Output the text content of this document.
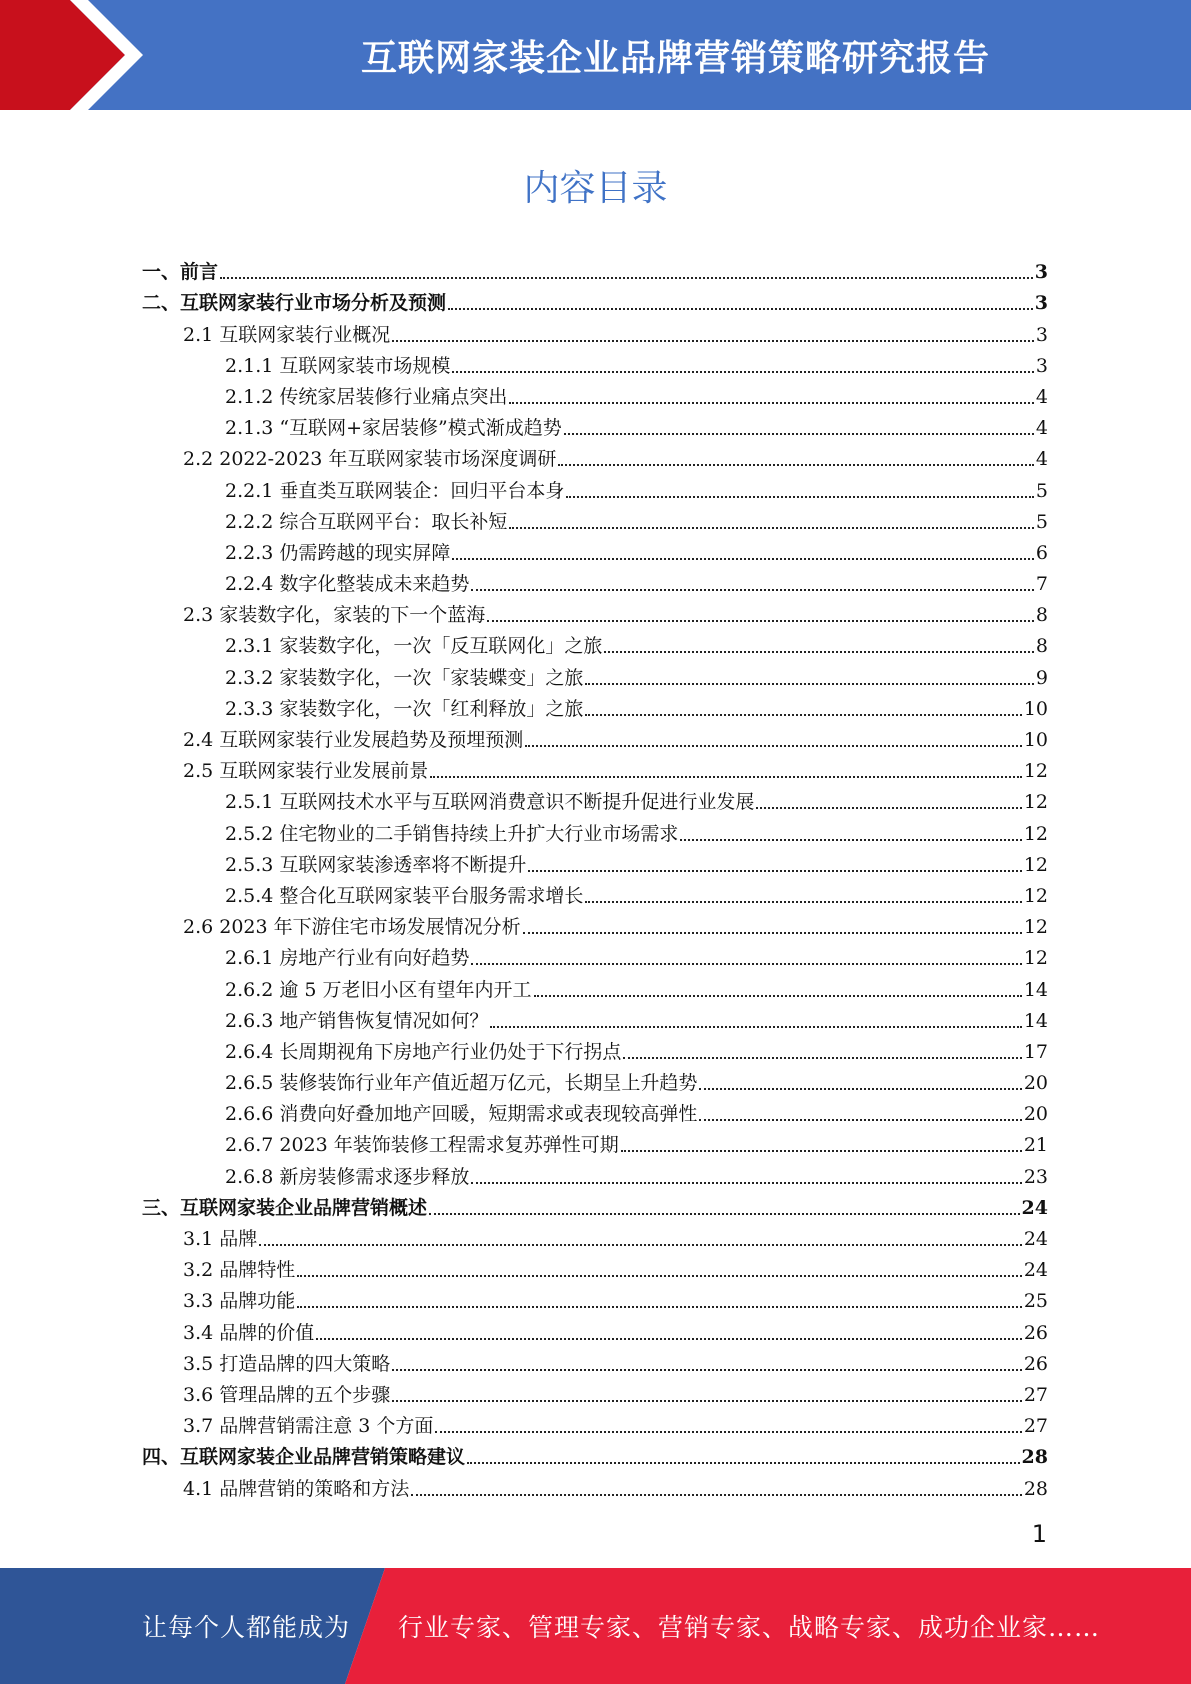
互联网家装企业品牌营销策略研究报告
内容目录
一、前言	3
二、互联网家装行业市场分析及预测	3
2.1 互联网家装行业概况	3
2.1.1 互联网家装市场规模	3
2.1.2 传统家居装修行业痛点突出	4
2.1.3 “互联网+家居装修”模式渐成趋势	4
2.2 2022-2023 年互联网家装市场深度调研	4
2.2.1 垂直类互联网装企：回归平台本身	5
2.2.2 综合互联网平台：取长补短	5
2.2.3 仍需跨越的现实屏障	6
2.2.4 数字化整装成未来趋势	7
2.3 家装数字化，家装的下一个蓝海	8
2.3.1 家装数字化，一次「反互联网化」之旅	8
2.3.2 家装数字化，一次「家装蝶变」之旅	9
2.3.3 家装数字化，一次「红利释放」之旅	10
2.4 互联网家装行业发展趋势及预埋预测	10
2.5 互联网家装行业发展前景	12
2.5.1 互联网技术水平与互联网消费意识不断提升促进行业发展	12
2.5.2 住宅物业的二手销售持续上升扩大行业市场需求	12
2.5.3 互联网家装渗透率将不断提升	12
2.5.4 整合化互联网家装平台服务需求增长	12
2.6 2023 年下游住宅市场发展情况分析	12
2.6.1 房地产行业有向好趋势	12
2.6.2 逾 5 万老旧小区有望年内开工	14
2.6.3 地产销售恢复情况如何？	14
2.6.4 长周期视角下房地产行业仍处于下行拐点	17
2.6.5 装修装饰行业年产值近超万亿元，长期呈上升趋势	20
2.6.6 消费向好叠加地产回暖，短期需求或表现较高弹性	20
2.6.7 2023 年装饰装修工程需求复苏弹性可期	21
2.6.8 新房装修需求逐步释放	23
三、互联网家装企业品牌营销概述	24
3.1 品牌	24
3.2 品牌特性	24
3.3 品牌功能	25
3.4 品牌的价值	26
3.5 打造品牌的四大策略	26
3.6 管理品牌的五个步骤	27
3.7 品牌营销需注意 3 个方面	27
四、互联网家装企业品牌营销策略建议	28
4.1 品牌营销的策略和方法	28
1
让每个人都能成为 行业专家、管理专家、营销专家、战略专家、成功企业家……
